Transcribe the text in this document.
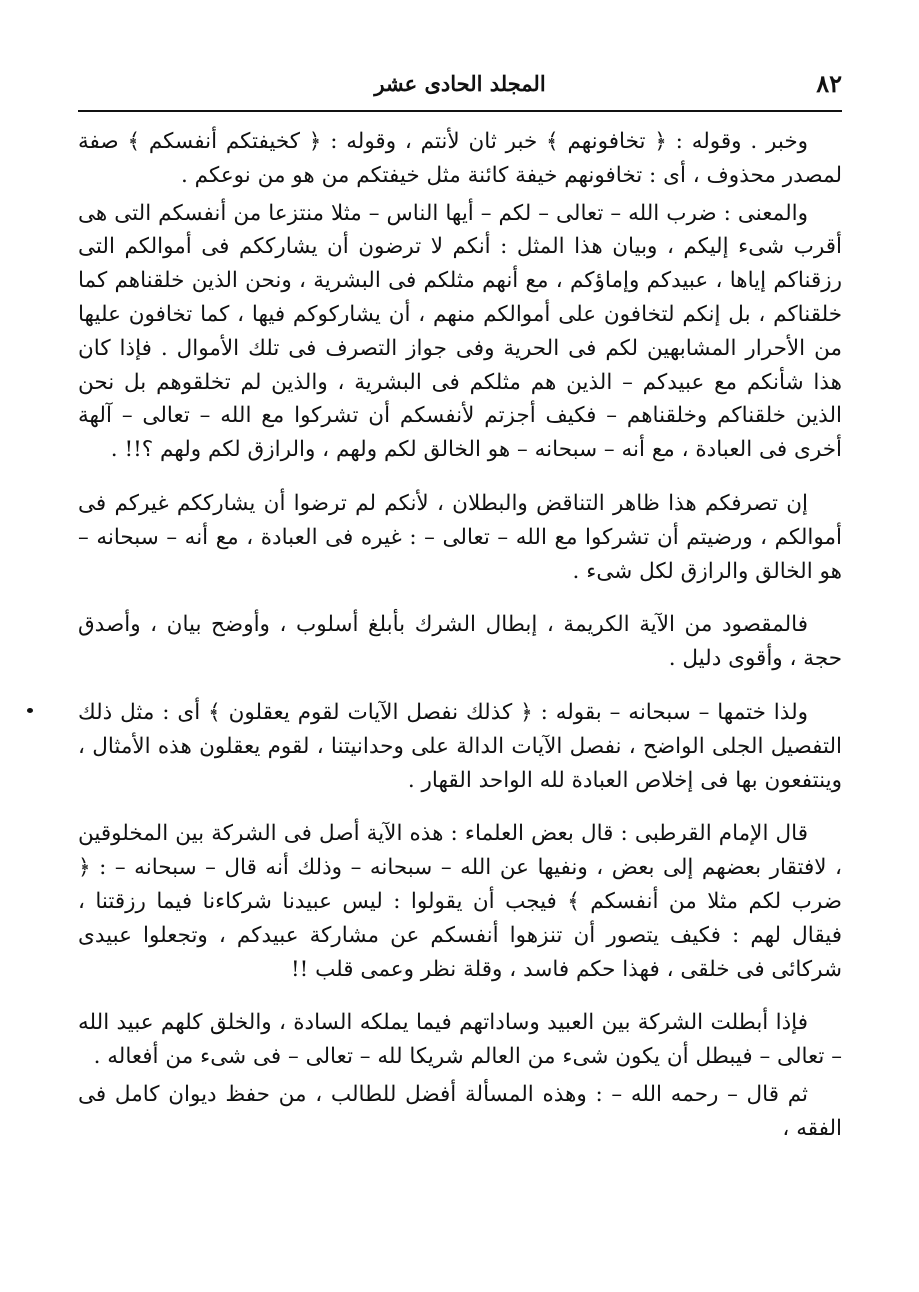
٨٢
المجلد الحادى عشر

وخبر . وقوله : ﴿ تخافونهم ﴾ خبر ثان لأنتم ، وقوله : ﴿ كخيفتكم أنفسكم ﴾ صفة لمصدر محذوف ، أى : تخافونهم خيفة كائنة مثل خيفتكم من هو من نوعكم .

والمعنى : ضرب الله – تعالى – لكم – أيها الناس – مثلا منتزعا من أنفسكم التى هى أقرب شىء إليكم ، وبيان هذا المثل : أنكم لا ترضون أن يشارككم فى أموالكم التى رزقناكم إياها ، عبيدكم وإماؤكم ، مع أنهم مثلكم فى البشرية ، ونحن الذين خلقناهم كما خلقناكم ، بل إنكم لتخافون على أموالكم منهم ، أن يشاركوكم فيها ، كما تخافون عليها من الأحرار المشابهين لكم فى الحرية وفى جواز التصرف فى تلك الأموال . فإذا كان هذا شأنكم مع عبيدكم – الذين هم مثلكم فى البشرية ، والذين لم تخلقوهم بل نحن الذين خلقناكم وخلقناهم – فكيف أجزتم لأنفسكم أن تشركوا مع الله – تعالى – آلهة أخرى فى العبادة ، مع أنه – سبحانه – هو الخالق لكم ولهم ، والرازق لكم ولهم ؟!! .

إن تصرفكم هذا ظاهر التناقض والبطلان ، لأنكم لم ترضوا أن يشارككم غيركم فى أموالكم ، ورضيتم أن تشركوا مع الله – تعالى – : غيره فى العبادة ، مع أنه – سبحانه – هو الخالق والرازق لكل شىء .

فالمقصود من الآية الكريمة ، إبطال الشرك بأبلغ أسلوب ، وأوضح بيان ، وأصدق حجة ، وأقوى دليل .

ولذا ختمها – سبحانه – بقوله : ﴿ كذلك نفصل الآيات لقوم يعقلون ﴾ أى : مثل ذلك التفصيل الجلى الواضح ، نفصل الآيات الدالة على وحدانيتنا ، لقوم يعقلون هذه الأمثال ، وينتفعون بها فى إخلاص العبادة لله الواحد القهار .

قال الإمام القرطبى : قال بعض العلماء : هذه الآية أصل فى الشركة بين المخلوقين ، لافتقار بعضهم إلى بعض ، ونفيها عن الله – سبحانه – وذلك أنه قال – سبحانه – : ﴿ ضرب لكم مثلا من أنفسكم ﴾ فيجب أن يقولوا : ليس عبيدنا شركاءنا فيما رزقتنا ، فيقال لهم : فكيف يتصور أن تنزهوا أنفسكم عن مشاركة عبيدكم ، وتجعلوا عبيدى شركائى فى خلقى ، فهذا حكم فاسد ، وقلة نظر وعمى قلب !!

فإذا أبطلت الشركة بين العبيد وساداتهم فيما يملكه السادة ، والخلق كلهم عبيد الله – تعالى – فيبطل أن يكون شىء من العالم شريكا لله – تعالى – فى شىء من أفعاله .

ثم قال – رحمه الله – : وهذه المسألة أفضل للطالب ، من حفظ ديوان كامل فى الفقه ،
